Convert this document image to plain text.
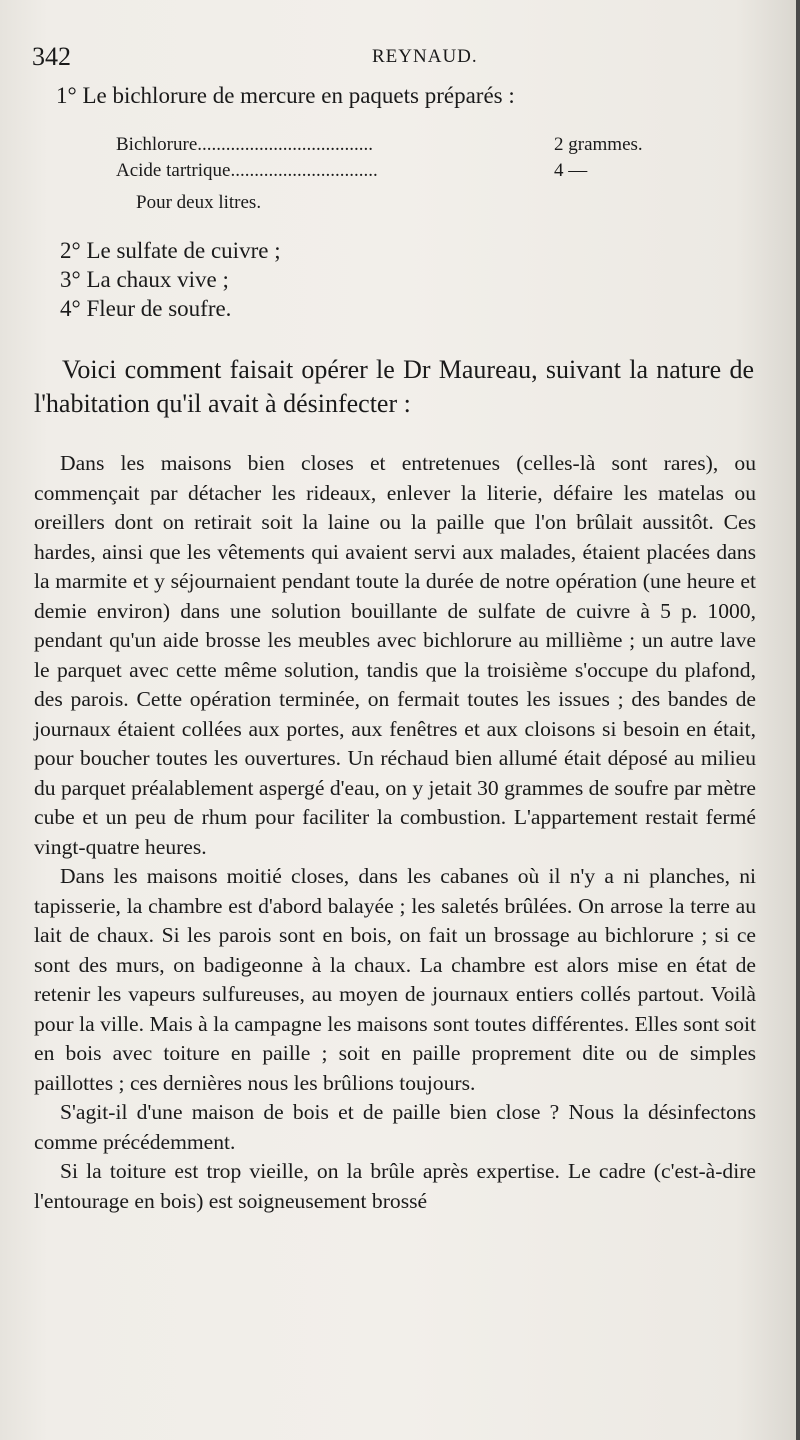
342	REYNAUD.
1° Le bichlorure de mercure en paquets préparés :
Bichlorure.....................................	2 grammes.
Acide tartrique...............................	4 —
Pour deux litres.
2° Le sulfate de cuivre ;
3° La chaux vive ;
4° Fleur de soufre.
Voici comment faisait opérer le Dr Maureau, suivant la nature de l'habitation qu'il avait à désinfecter :

Dans les maisons bien closes et entretenues (celles-là sont rares), ou commençait par détacher les rideaux, enlever la literie, défaire les matelas ou oreillers dont on retirait soit la laine ou la paille que l'on brûlait aussitôt. Ces hardes, ainsi que les vêtements qui avaient servi aux malades, étaient placées dans la marmite et y séjournaient pendant toute la durée de notre opération (une heure et demie environ) dans une solution bouillante de sulfate de cuivre à 5 p. 1000, pendant qu'un aide brosse les meubles avec bichlorure au millième ; un autre lave le parquet avec cette même solution, tandis que la troisième s'occupe du plafond, des parois. Cette opération terminée, on fermait toutes les issues ; des bandes de journaux étaient collées aux portes, aux fenêtres et aux cloisons si besoin en était, pour boucher toutes les ouvertures. Un réchaud bien allumé était déposé au milieu du parquet préalablement aspergé d'eau, on y jetait 30 grammes de soufre par mètre cube et un peu de rhum pour faciliter la combustion. L'appartement restait fermé vingt-quatre heures.

Dans les maisons moitié closes, dans les cabanes où il n'y a ni planches, ni tapisserie, la chambre est d'abord balayée ; les saletés brûlées. On arrose la terre au lait de chaux. Si les parois sont en bois, on fait un brossage au bichlorure ; si ce sont des murs, on badigeonne à la chaux. La chambre est alors mise en état de retenir les vapeurs sulfureuses, au moyen de journaux entiers collés partout. Voilà pour la ville. Mais à la campagne les maisons sont toutes différentes. Elles sont soit en bois avec toiture en paille ; soit en paille proprement dite ou de simples paillottes ; ces dernières nous les brûlions toujours.

S'agit-il d'une maison de bois et de paille bien close ? Nous la désinfectons comme précédemment.

Si la toiture est trop vieille, on la brûle après expertise. Le cadre (c'est-à-dire l'entourage en bois) est soigneusement brossé
